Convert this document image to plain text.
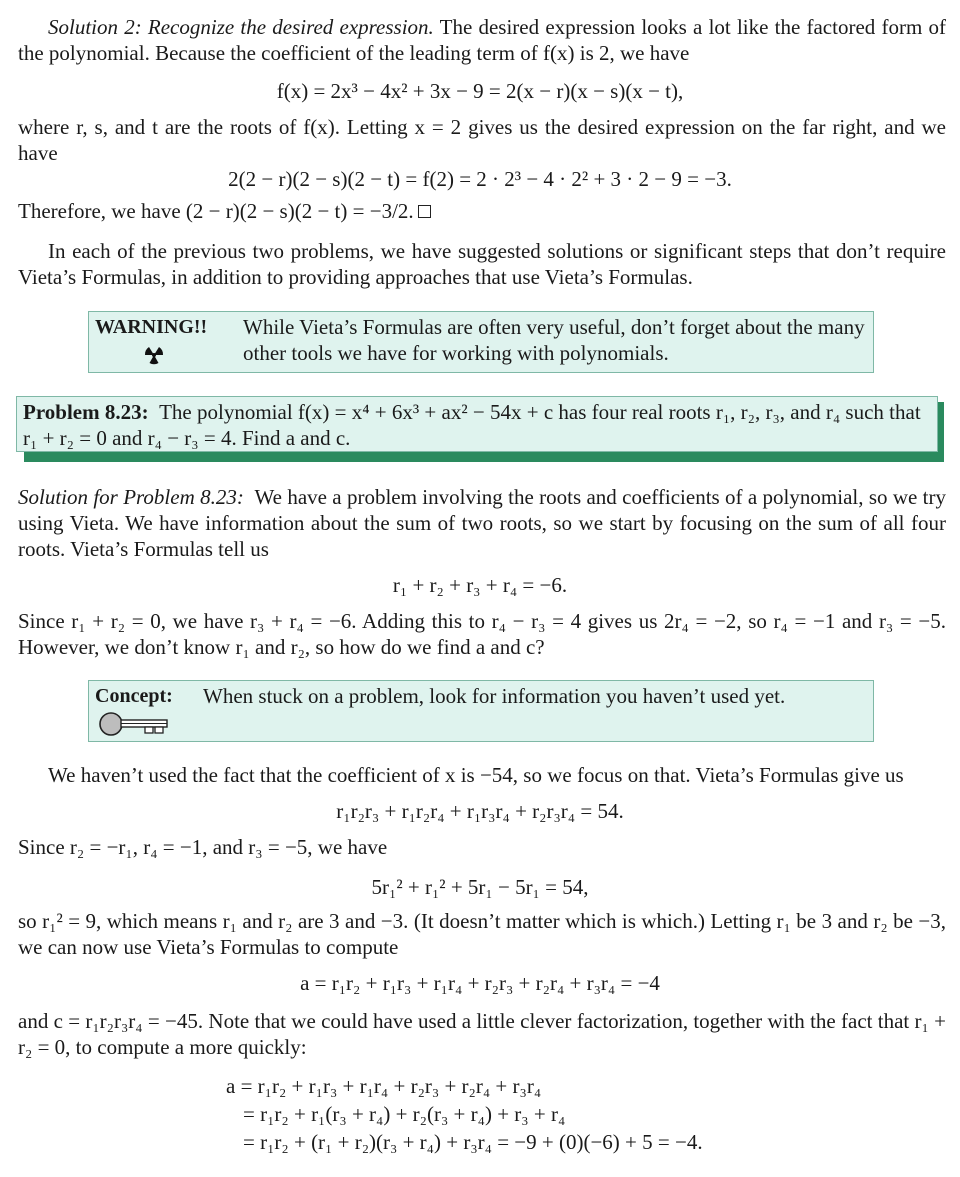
Solution 2: Recognize the desired expression. The desired expression looks a lot like the factored form of the polynomial. Because the coefficient of the leading term of f(x) is 2, we have
f(x) = 2x³ − 4x² + 3x − 9 = 2(x − r)(x − s)(x − t),
where r, s, and t are the roots of f(x). Letting x = 2 gives us the desired expression on the far right, and we have
2(2 − r)(2 − s)(2 − t) = f(2) = 2 · 2³ − 4 · 2² + 3 · 2 − 9 = −3.
Therefore, we have (2 − r)(2 − s)(2 − t) = −3/2.
In each of the previous two problems, we have suggested solutions or significant steps that don’t require Vieta’s Formulas, in addition to providing approaches that use Vieta’s Formulas.
WARNING!! While Vieta’s Formulas are often very useful, don’t forget about the many other tools we have for working with polynomials.
Problem 8.23: The polynomial f(x) = x⁴ + 6x³ + ax² − 54x + c has four real roots r₁, r₂, r₃, and r₄ such that r₁ + r₂ = 0 and r₄ − r₃ = 4. Find a and c.
Solution for Problem 8.23: We have a problem involving the roots and coefficients of a polynomial, so we try using Vieta. We have information about the sum of two roots, so we start by focusing on the sum of all four roots. Vieta’s Formulas tell us
r₁ + r₂ + r₃ + r₄ = −6.
Since r₁ + r₂ = 0, we have r₃ + r₄ = −6. Adding this to r₄ − r₃ = 4 gives us 2r₄ = −2, so r₄ = −1 and r₃ = −5. However, we don’t know r₁ and r₂, so how do we find a and c?
Concept: When stuck on a problem, look for information you haven’t used yet.
We haven’t used the fact that the coefficient of x is −54, so we focus on that. Vieta’s Formulas give us
r₁r₂r₃ + r₁r₂r₄ + r₁r₃r₄ + r₂r₃r₄ = 54.
Since r₂ = −r₁, r₄ = −1, and r₃ = −5, we have
5r₁² + r₁² + 5r₁ − 5r₁ = 54,
so r₁² = 9, which means r₁ and r₂ are 3 and −3. (It doesn’t matter which is which.) Letting r₁ be 3 and r₂ be −3, we can now use Vieta’s Formulas to compute
a = r₁r₂ + r₁r₃ + r₁r₄ + r₂r₃ + r₂r₄ + r₃r₄ = −4
and c = r₁r₂r₃r₄ = −45. Note that we could have used a little clever factorization, together with the fact that r₁ + r₂ = 0, to compute a more quickly:
a = r₁r₂ + r₁r₃ + r₁r₄ + r₂r₃ + r₂r₄ + r₃r₄
= r₁r₂ + r₁(r₃ + r₄) + r₂(r₃ + r₄) + r₃ + r₄
= r₁r₂ + (r₁ + r₂)(r₃ + r₄) + r₃r₄ = −9 + (0)(−6) + 5 = −4.
